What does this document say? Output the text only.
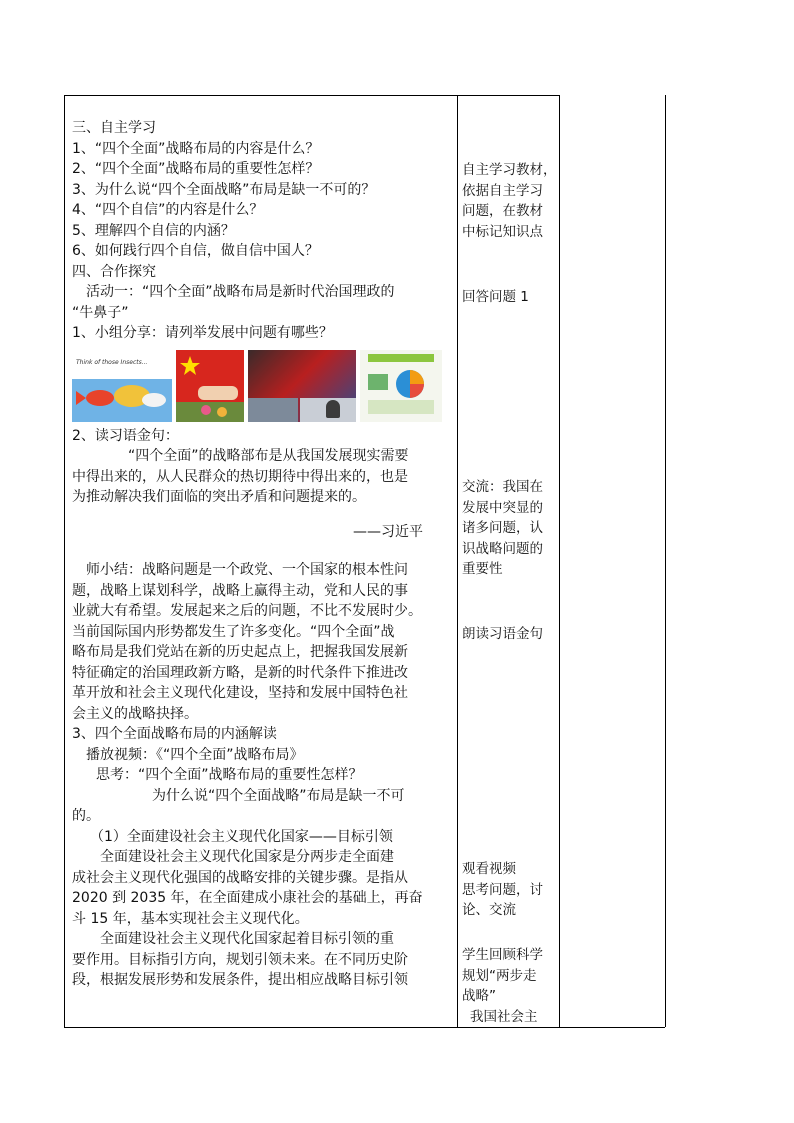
三、自主学习

1、“四个全面”战略布局的内容是什么？

2、“四个全面”战略布局的重要性怎样？

3、为什么说“四个全面战略”布局是缺一不可的？

4、“四个自信”的内容是什么？

5、理解四个自信的内涵？

6、如何践行四个自信，做自信中国人？

四、合作探究

活动一：“四个全面”战略布局是新时代治国理政的

“牛鼻子”

1、小组分享：请列举发展中问题有哪些？

Think of those Insects...

2、读习语金句：

“四个全面”的战略部布是从我国发展现实需要

中得出来的，从人民群众的热切期待中得出来的，也是

为推动解决我们面临的突出矛盾和问题提来的。

——习近平

师小结：战略问题是一个政党、一个国家的根本性问

题，战略上谋划科学，战略上赢得主动，党和人民的事

业就大有希望。发展起来之后的问题，不比不发展时少。

当前国际国内形势都发生了许多变化。“四个全面”战

略布局是我们党站在新的历史起点上，把握我国发展新

特征确定的治国理政新方略，是新的时代条件下推进改

革开放和社会主义现代化建设，坚持和发展中国特色社

会主义的战略抉择。

3、四个全面战略布局的内涵解读

播放视频：《“四个全面”战略布局》

思考：“四个全面”战略布局的重要性怎样？

为什么说“四个全面战略”布局是缺一不可

的。

（1）全面建设社会主义现代化国家——目标引领

全面建设社会主义现代化国家是分两步走全面建

成社会主义现代化强国的战略安排的关键步骤。是指从

2020 到 2035 年，在全面建成小康社会的基础上，再奋

斗 15 年，基本实现社会主义现代化。

全面建设社会主义现代化国家起着目标引领的重

要作用。目标指引方向，规划引领未来。在不同历史阶

段，根据发展形势和发展条件，提出相应战略目标引领

自主学习教材，

依据自主学习

问题，在教材

中标记知识点

回答问题 1

交流：我国在

发展中突显的

诸多问题，认

识战略问题的

重要性

朗读习语金句

观看视频

思考问题，讨

论、交流

学生回顾科学

规划“两步走

战略”

我国社会主
